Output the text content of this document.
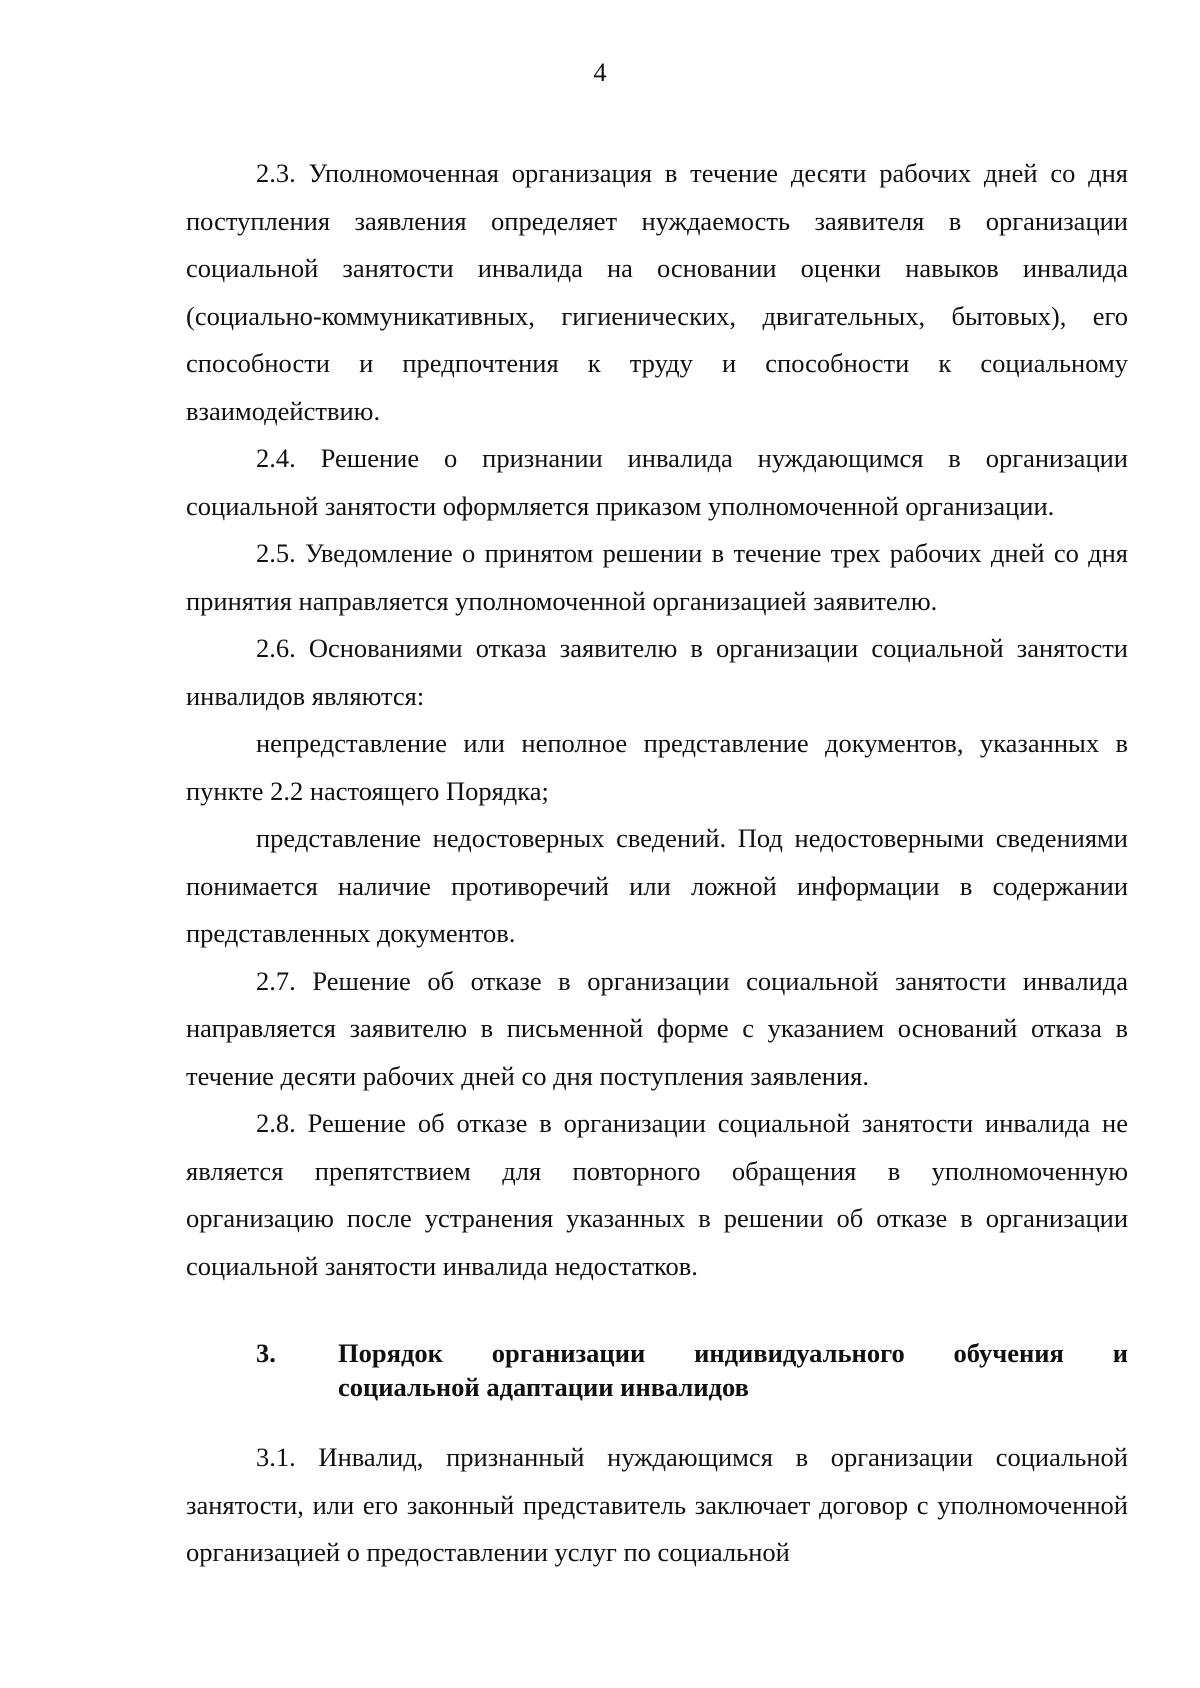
4

2.3. Уполномоченная организация в течение десяти рабочих дней со дня поступления заявления определяет нуждаемость заявителя в организации социальной занятости инвалида на основании оценки навыков инвалида (социально-коммуникативных, гигиенических, двигательных, бытовых), его способности и предпочтения к труду и способности к социальному взаимодействию.

2.4. Решение о признании инвалида нуждающимся в организации социальной занятости оформляется приказом уполномоченной организации.

2.5. Уведомление о принятом решении в течение трех рабочих дней со дня принятия направляется уполномоченной организацией заявителю.

2.6. Основаниями отказа заявителю в организации социальной занятости инвалидов являются:

непредставление или неполное представление документов, указанных в пункте 2.2 настоящего Порядка;

представление недостоверных сведений. Под недостоверными сведениями понимается наличие противоречий или ложной информации в содержании представленных документов.

2.7. Решение об отказе в организации социальной занятости инвалида направляется заявителю в письменной форме с указанием оснований отказа в течение десяти рабочих дней со дня поступления заявления.

2.8. Решение об отказе в организации социальной занятости инвалида не является препятствием для повторного обращения в уполномоченную организацию после устранения указанных в решении об отказе в организации социальной занятости инвалида недостатков.

3.	Порядок организации индивидуального обучения и
социальной адаптации инвалидов

3.1. Инвалид, признанный нуждающимся в организации социальной занятости, или его законный представитель заключает договор с уполномоченной организацией о предоставлении услуг по социальной
